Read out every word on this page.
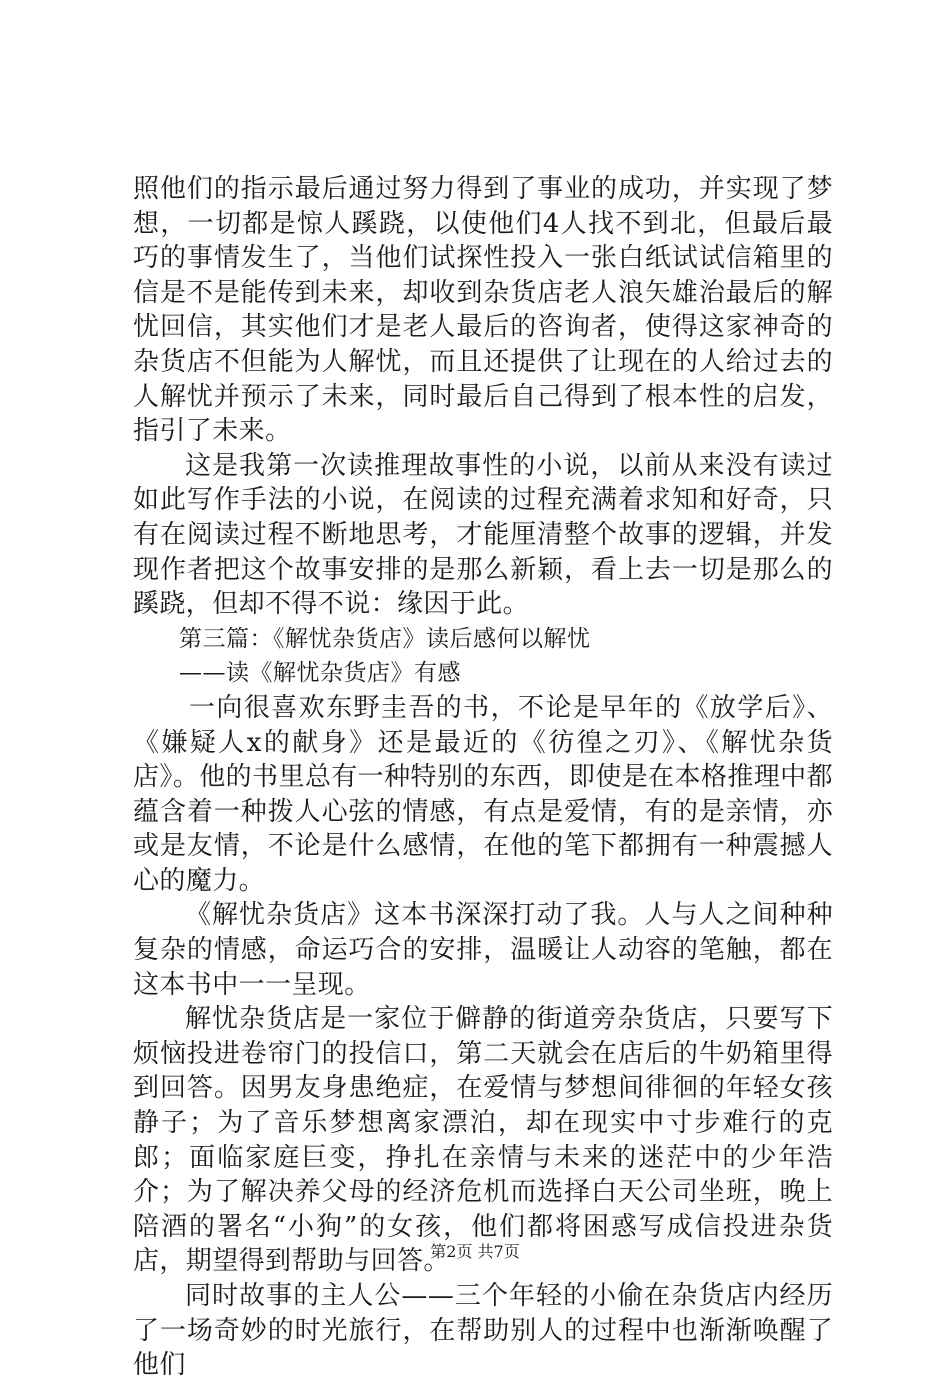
照他们的指示最后通过努力得到了事业的成功，并实现了梦想，一切都是惊人蹊跷，以使他们4人找不到北，但最后最巧的事情发生了，当他们试探性投入一张白纸试试信箱里的信是不是能传到未来，却收到杂货店老人浪矢雄治最后的解忧回信，其实他们才是老人最后的咨询者，使得这家神奇的杂货店不但能为人解忧，而且还提供了让现在的人给过去的人解忧并预示了未来，同时最后自己得到了根本性的启发，指引了未来。

这是我第一次读推理故事性的小说，以前从来没有读过如此写作手法的小说，在阅读的过程充满着求知和好奇，只有在阅读过程不断地思考，才能厘清整个故事的逻辑，并发现作者把这个故事安排的是那么新颖，看上去一切是那么的蹊跷，但却不得不说：缘因于此。

第三篇：《解忧杂货店》读后感何以解忧

——读《解忧杂货店》有感

一向很喜欢东野圭吾的书，不论是早年的《放学后》、《嫌疑人x的献身》还是最近的《彷徨之刃》、《解忧杂货店》。他的书里总有一种特别的东西，即使是在本格推理中都蕴含着一种拨人心弦的情感，有点是爱情，有的是亲情，亦或是友情，不论是什么感情，在他的笔下都拥有一种震撼人心的魔力。

《解忧杂货店》这本书深深打动了我。人与人之间种种复杂的情感，命运巧合的安排，温暖让人动容的笔触，都在这本书中一一呈现。

解忧杂货店是一家位于僻静的街道旁杂货店，只要写下烦恼投进卷帘门的投信口，第二天就会在店后的牛奶箱里得到回答。因男友身患绝症，在爱情与梦想间徘徊的年轻女孩静子；为了音乐梦想离家漂泊，却在现实中寸步难行的克郎；面临家庭巨变，挣扎在亲情与未来的迷茫中的少年浩介；为了解决养父母的经济危机而选择白天公司坐班，晚上陪酒的署名“小狗”的女孩，他们都将困惑写成信投进杂货店，期望得到帮助与回答。

同时故事的主人公——三个年轻的小偷在杂货店内经历了一场奇妙的时光旅行，在帮助别人的过程中也渐渐唤醒了他们

第2页 共7页
